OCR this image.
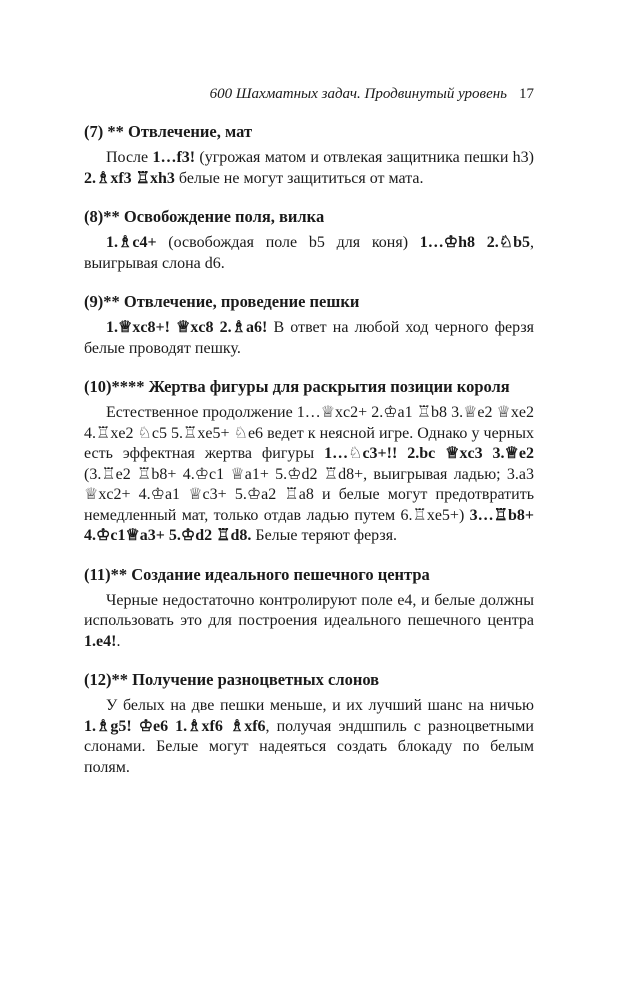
600 Шахматных задач. Продвинутый уровень 17
(7) ** Отвлечение, мат

После 1…f3! (угрожая матом и отвлекая защитника пешки h3) 2.♗xf3 ♖xh3 белые не могут защититься от мата.

(8)** Освобождение поля, вилка

1.♗c4+ (освобождая поле b5 для коня) 1…♔h8 2.♘b5, выигрывая слона d6.

(9)** Отвлечение, проведение пешки

1.♕xc8+! ♕xc8 2.♗a6! В ответ на любой ход черного ферзя белые проводят пешку.

(10)**** Жертва фигуры для раскрытия позиции короля

Естественное продолжение 1…♕xc2+ 2.♔a1 ♖b8 3.♕e2 ♕xe2 4.♖xe2 ♘c5 5.♖xe5+ ♘e6 ведет к неясной игре. Однако у черных есть эффектная жертва фигуры 1…♘c3+!! 2.bc ♕xc3 3.♕e2 (3.♖e2 ♖b8+ 4.♔c1 ♕a1+ 5.♔d2 ♖d8+, выигрывая ладью; 3.a3 ♕xc2+ 4.♔a1 ♕c3+ 5.♔a2 ♖a8 и белые могут предотвратить немедленный мат, только отдав ладью путем 6.♖xe5+) 3…♖b8+ 4.♔c1♕a3+ 5.♔d2 ♖d8. Белые теряют ферзя.

(11)** Создание идеального пешечного центра

Черные недостаточно контролируют поле e4, и белые должны использовать это для построения идеального пешечного центра 1.e4!.

(12)** Получение разноцветных слонов

У белых на две пешки меньше, и их лучший шанс на ничью 1.♗g5! ♔e6 1.♗xf6 ♗xf6, получая эндшпиль с разноцветными слонами. Белые могут надеяться создать блокаду по белым полям.
